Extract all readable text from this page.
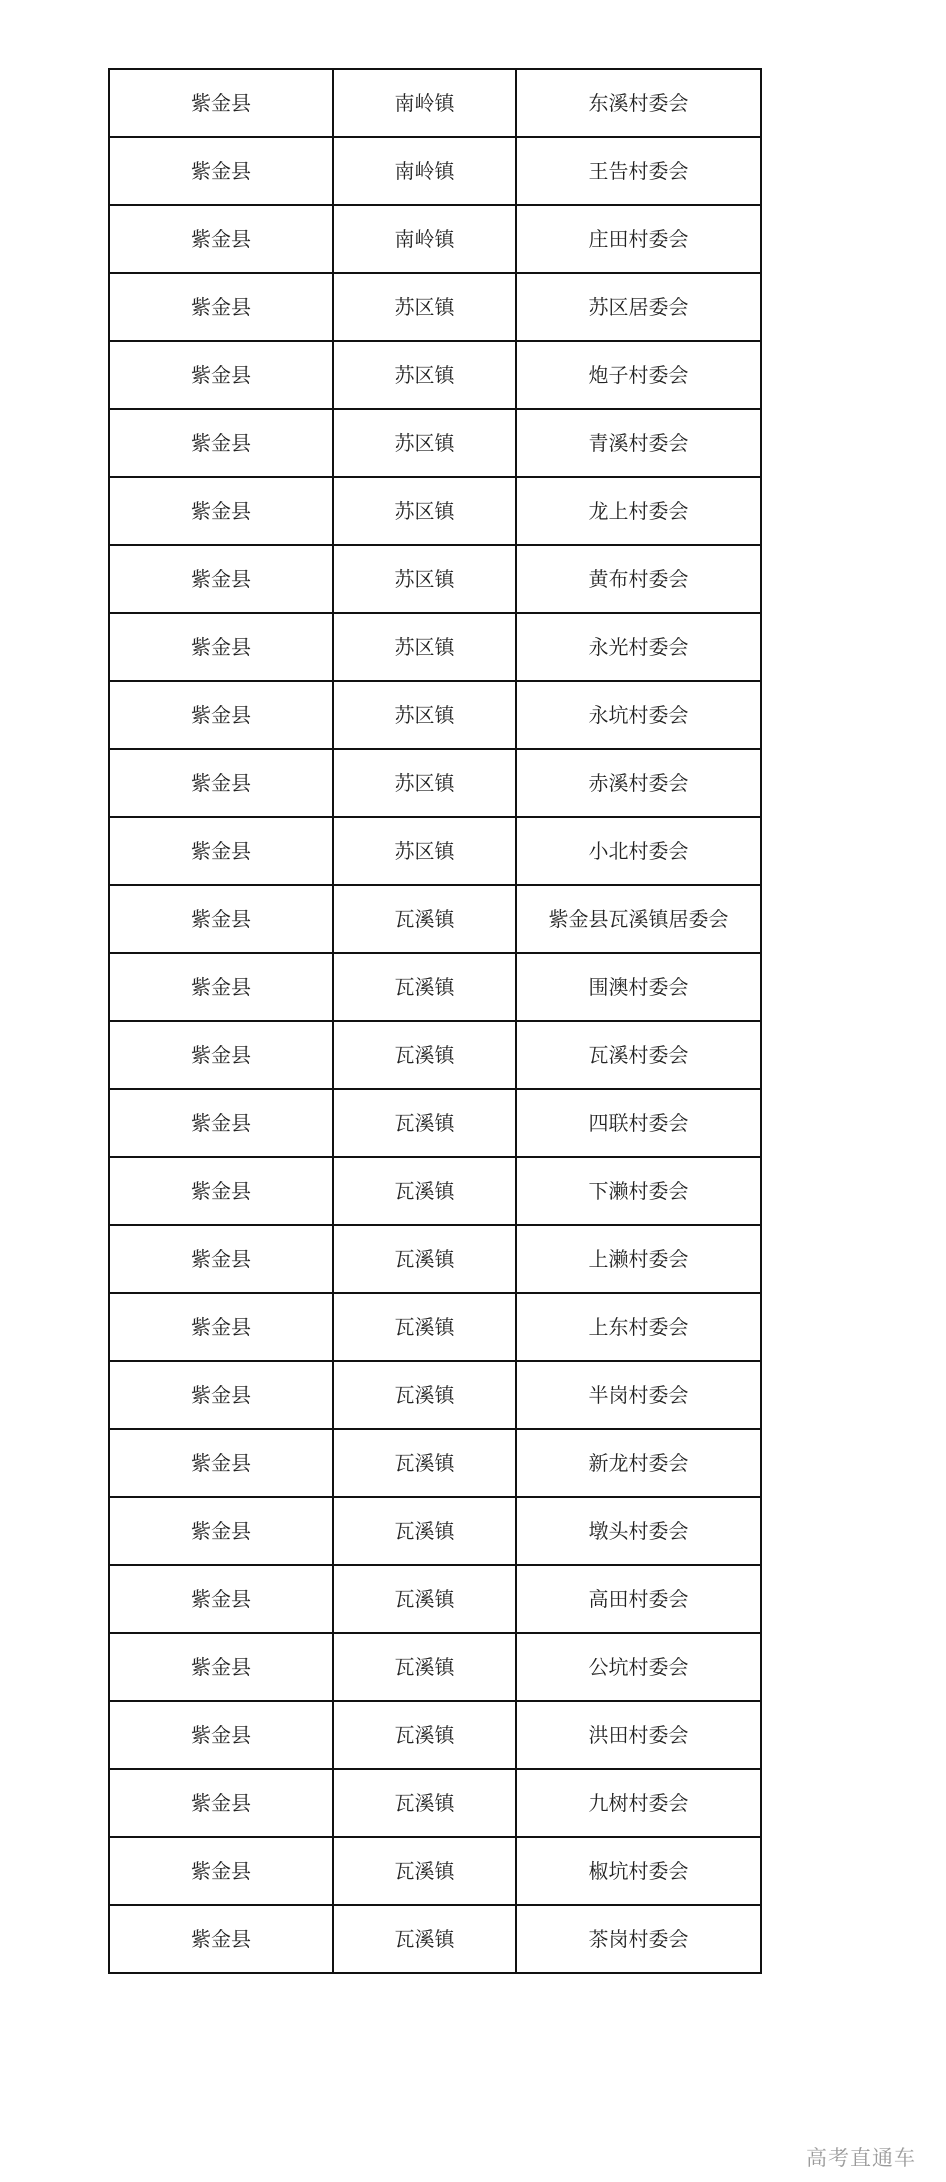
紫金县	南岭镇	东溪村委会
紫金县	南岭镇	王告村委会
紫金县	南岭镇	庄田村委会
紫金县	苏区镇	苏区居委会
紫金县	苏区镇	炮子村委会
紫金县	苏区镇	青溪村委会
紫金县	苏区镇	龙上村委会
紫金县	苏区镇	黄布村委会
紫金县	苏区镇	永光村委会
紫金县	苏区镇	永坑村委会
紫金县	苏区镇	赤溪村委会
紫金县	苏区镇	小北村委会
紫金县	瓦溪镇	紫金县瓦溪镇居委会
紫金县	瓦溪镇	围澳村委会
紫金县	瓦溪镇	瓦溪村委会
紫金县	瓦溪镇	四联村委会
紫金县	瓦溪镇	下濑村委会
紫金县	瓦溪镇	上濑村委会
紫金县	瓦溪镇	上东村委会
紫金县	瓦溪镇	半岗村委会
紫金县	瓦溪镇	新龙村委会
紫金县	瓦溪镇	墩头村委会
紫金县	瓦溪镇	高田村委会
紫金县	瓦溪镇	公坑村委会
紫金县	瓦溪镇	洪田村委会
紫金县	瓦溪镇	九树村委会
紫金县	瓦溪镇	椒坑村委会
紫金县	瓦溪镇	茶岗村委会
高考直通车
